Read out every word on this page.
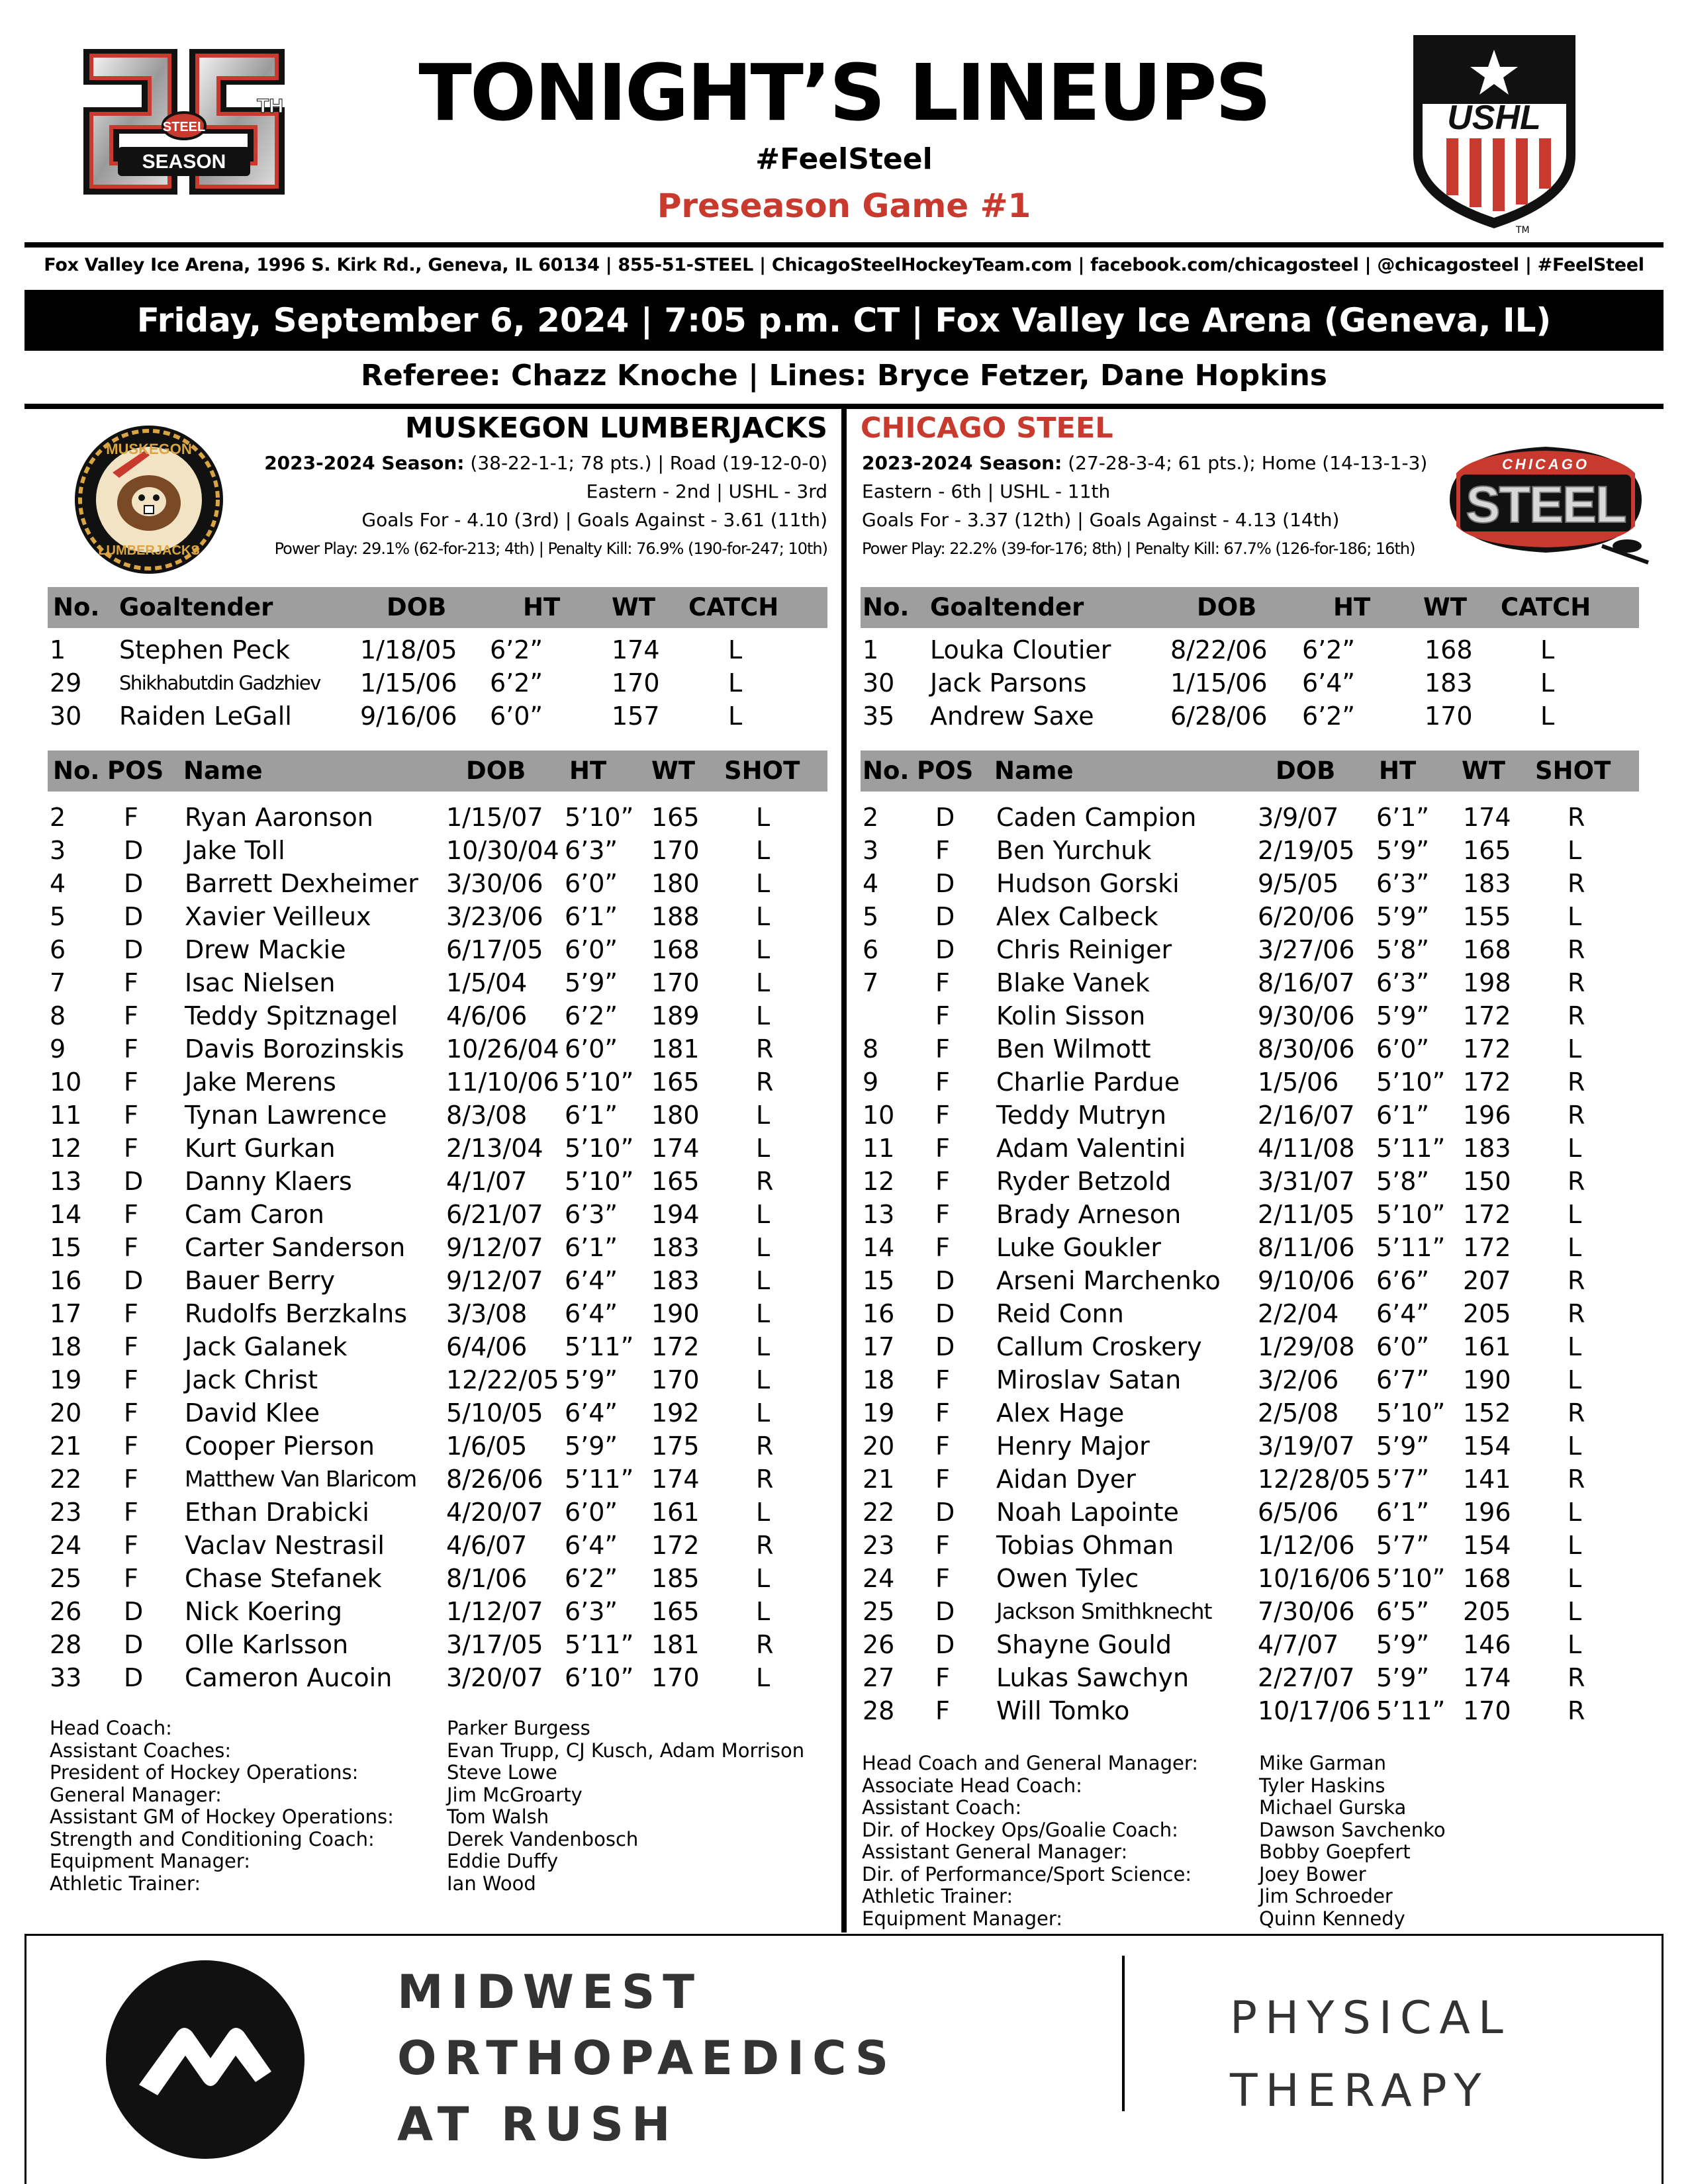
TH
STEEL
SEASON
TONIGHT’S LINEUPS
#FeelSteel
Preseason Game #1
USHL
TM
Fox Valley Ice Arena, 1996 S. Kirk Rd., Geneva, IL 60134 | 855-51-STEEL | ChicagoSteelHockeyTeam.com | facebook.com/chicagosteel | @chicagosteel | #FeelSteel
Friday, September 6, 2024 | 7:05 p.m. CT | Fox Valley Ice Arena (Geneva, IL)
Referee: Chazz Knoche | Lines: Bryce Fetzer, Dane Hopkins
MUSKEGON LUMBERJACKS
MUSKEGON
LUMBERJACKS
2023-2024 Season: (38-22-1-1; 78 pts.) | Road (19-12-0-0)
Eastern - 2nd | USHL - 3rd
Goals For - 4.10 (3rd) | Goals Against - 3.61 (11th)
Power Play: 29.1% (62-for-213; 4th) | Penalty Kill: 76.9% (190-for-247; 10th)
No. Goaltender	DOB	HT WT CATCH
1 Stephen Peck	1/18/05 6’2”	174	L
29 Shikhabutdin Gadzhiev 1/15/06 6’2”	170	L
30 Raiden LeGall	9/16/06 6’0”	157	L
No. POS Name	DOB HT WT SHOT
2 F Ryan Aaronson	1/15/07 5’10” 165 L
3 D Jake Toll	10/30/04 6’3” 170 L
4 D Barrett Dexheimer 3/30/06 6’0” 180 L
5 D Xavier Veilleux	3/23/06 6’1” 188 L
6 D Drew Mackie	6/17/05 6’0” 168 L
7 F Isac Nielsen	1/5/04 5’9” 170 L
8 F Teddy Spitznagel 4/6/06 6’2” 189 L
9 F Davis Borozinskis 10/26/04 6’0” 181 R
10 F Jake Merens	11/10/06 5’10” 165 R
11 F Tynan Lawrence 8/3/08 6’1” 180 L
12 F Kurt Gurkan	2/13/04 5’10” 174 L
13 D Danny Klaers	4/1/07 5’10” 165 R
14 F Cam Caron	6/21/07 6’3” 194 L
15 F Carter Sanderson 9/12/07 6’1” 183 L
16 D Bauer Berry	9/12/07 6’4” 183 L
17 F Rudolfs Berzkalns 3/3/08 6’4” 190 L
18 F Jack Galanek	6/4/06 5’11” 172 L
19 F Jack Christ	12/22/05 5’9” 170 L
20 F David Klee	5/10/05 6’4” 192 L
21 F Cooper Pierson	1/6/05 5’9” 175 R
22 F Matthew Van Blaricom 8/26/06 5’11” 174 R
23 F Ethan Drabicki	4/20/07 6’0” 161 L
24 F Vaclav Nestrasil 4/6/07 6’4” 172 R
25 F Chase Stefanek	8/1/06 6’2” 185 L
26 D Nick Koering	1/12/07 6’3” 165 L
28 D Olle Karlsson	3/17/05 5’11” 181 R
33 D Cameron Aucoin 3/20/07 6’10” 170 L
Head Coach:	Parker Burgess
Assistant Coaches:	Evan Trupp, CJ Kusch, Adam Morrison
President of Hockey Operations:	Steve Lowe
General Manager:	Jim McGroarty
Assistant GM of Hockey Operations:	Tom Walsh
Strength and Conditioning Coach:	Derek Vandenbosch
Equipment Manager:	Eddie Duffy
Athletic Trainer:	Ian Wood
CHICAGO STEEL
2023-2024 Season: (27-28-3-4; 61 pts.); Home (14-13-1-3)
Eastern - 6th | USHL - 11th
Goals For - 3.37 (12th) | Goals Against - 4.13 (14th)
Power Play: 22.2% (39-for-176; 8th) | Penalty Kill: 67.7% (126-for-186; 16th)
CHICAGO
STEEL
No. Goaltender	DOB	HT WT CATCH
1 Louka Cloutier 8/22/06 6’2”	168	L
30 Jack Parsons	1/15/06 6’4”	183	L
35 Andrew Saxe	6/28/06 6’2”	170	L
No. POS Name	DOB HT WT SHOT
2 D Caden Campion 3/9/07 6’1” 174 R
3 F Ben Yurchuk	2/19/05 5’9” 165 L
4 D Hudson Gorski	9/5/05 6’3” 183 R
5 D Alex Calbeck	6/20/06 5’9” 155 L
6 D Chris Reiniger	3/27/06 5’8” 168 R
7 F Blake Vanek	8/16/07 6’3” 198 R
F Kolin Sisson	9/30/06 5’9” 172 R
8 F Ben Wilmott	8/30/06 6’0” 172 L
9 F Charlie Pardue	1/5/06 5’10” 172 R
10 F Teddy Mutryn	2/16/07 6’1” 196 R
11 F Adam Valentini	4/11/08 5’11” 183 L
12 F Ryder Betzold	3/31/07 5’8” 150 R
13 F Brady Arneson	2/11/05 5’10” 172 L
14 F Luke Goukler	8/11/06 5’11” 172 L
15 D Arseni Marchenko 9/10/06 6’6” 207 R
16 D Reid Conn	2/2/04 6’4” 205 R
17 D Callum Croskery 1/29/08 6’0” 161 L
18 F Miroslav Satan	3/2/06 6’7” 190 L
19 F Alex Hage	2/5/08 5’10” 152 R
20 F Henry Major	3/19/07 5’9” 154 L
21 F Aidan Dyer	12/28/05 5’7” 141 R
22 D Noah Lapointe	6/5/06 6’1” 196 L
23 F Tobias Ohman	1/12/06 5’7” 154 L
24 F Owen Tylec	10/16/06 5’10” 168 L
25 D Jackson Smithknecht 7/30/06 6’5” 205 L
26 D Shayne Gould	4/7/07 5’9” 146 L
27 F Lukas Sawchyn	2/27/07 5’9” 174 R
28 F Will Tomko	10/17/06 5’11” 170 R
Head Coach and General Manager:	Mike Garman
Associate Head Coach:	Tyler Haskins
Assistant Coach:	Michael Gurska
Dir. of Hockey Ops/Goalie Coach:	Dawson Savchenko
Assistant General Manager:	Bobby Goepfert
Dir. of Performance/Sport Science:	Joey Bower
Athletic Trainer:	Jim Schroeder
Equipment Manager:	Quinn Kennedy
MIDWEST
ORTHOPAEDICS
AT RUSH
PHYSICAL
THERAPY
